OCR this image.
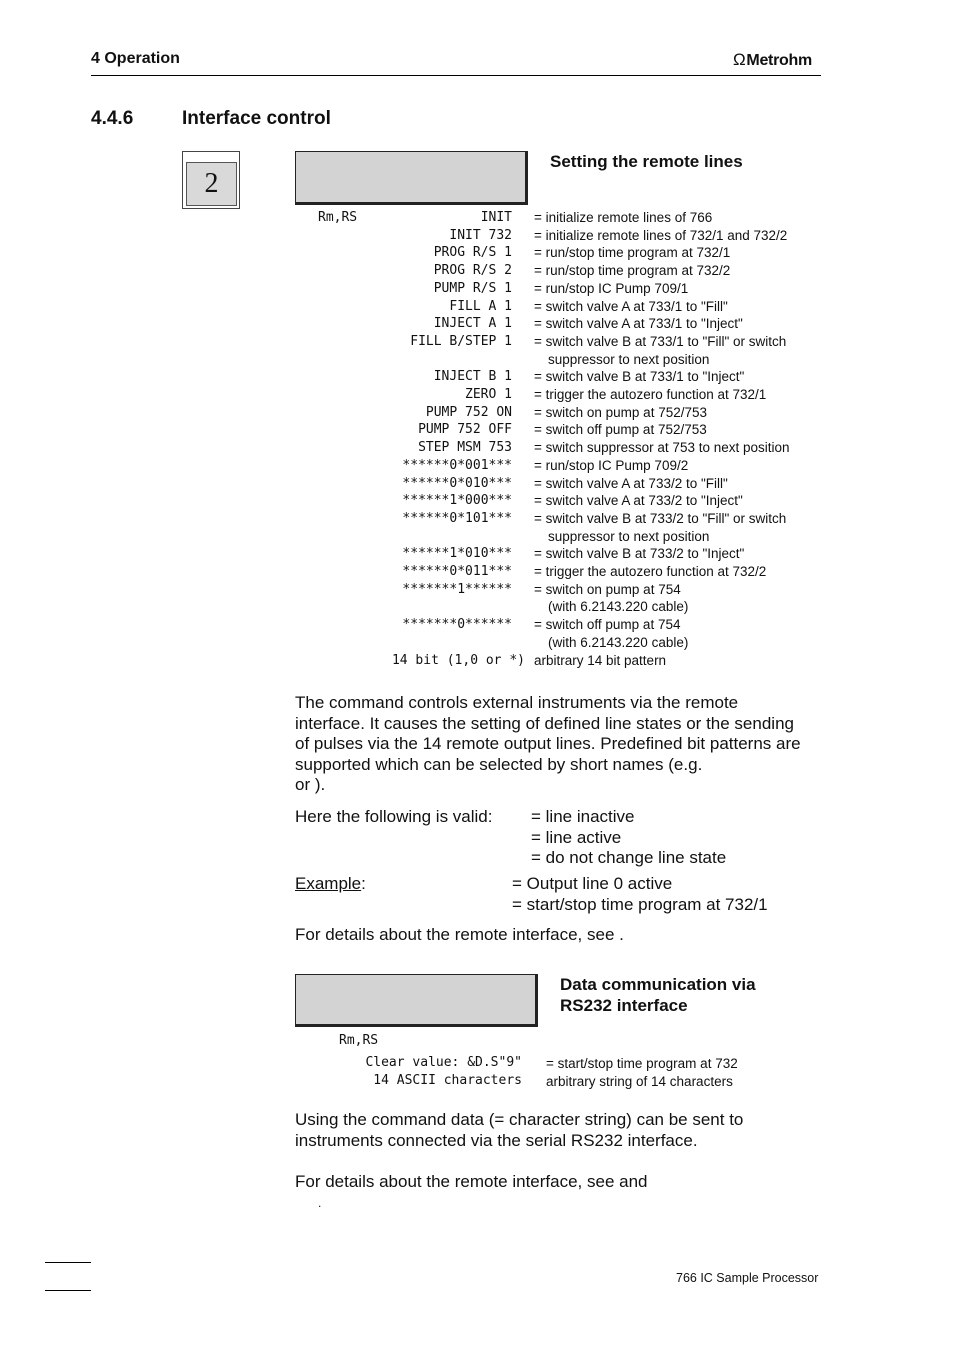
4 Operation	ΩMetrohm
4.4.6	Interface control
2
Setting the remote lines
Rm,RS	INIT = initialize remote lines of 766
INIT 732 = initialize remote lines of 732/1 and 732/2
PROG R/S 1 = run/stop time program at 732/1
PROG R/S 2 = run/stop time program at 732/2
PUMP R/S 1 = run/stop IC Pump 709/1
FILL A 1 = switch valve A at 733/1 to "Fill"
INJECT A 1 = switch valve A at 733/1 to "Inject"
FILL B/STEP 1 = switch valve B at 733/1 to "Fill" or switch
suppressor to next position
INJECT B 1 = switch valve B at 733/1 to "Inject"
ZERO 1 = trigger the autozero function at 732/1
PUMP 752 ON = switch on pump at 752/753
PUMP 752 OFF = switch off pump at 752/753
STEP MSM 753 = switch suppressor at 753 to next position
******0*001*** = run/stop IC Pump 709/2
******0*010*** = switch valve A at 733/2 to "Fill"
******1*000*** = switch valve A at 733/2 to "Inject"
******0*101*** = switch valve B at 733/2 to "Fill" or switch
suppressor to next position
******1*010*** = switch valve B at 733/2 to "Inject"
******0*011*** = trigger the autozero function at 732/2
*******1****** = switch on pump at 754
(with 6.2143.220 cable)
*******0****** = switch off pump at 754
(with 6.2143.220 cable)
14 bit (1,0 or *) arbitrary 14 bit pattern
The command controls external instruments via the remote
interface. It causes the setting of defined line states or the sending
of pulses via the 14 remote output lines. Predefined bit patterns are
supported which can be selected by short names (e.g.
or ).
Here the following is valid: = line inactive
= line active
= do not change line state
Example:	= Output line 0 active
= start/stop time program at 732/1
For details about the remote interface, see .
Data communication via
RS232 interface
Rm,RS
Clear value: &D.S"9" = start/stop time program at 732
14 ASCII characters arbitrary string of 14 characters
Using the command data (= character string) can be sent to
instruments connected via the serial RS232 interface.
For details about the remote interface, see and
.
766 IC Sample Processor
